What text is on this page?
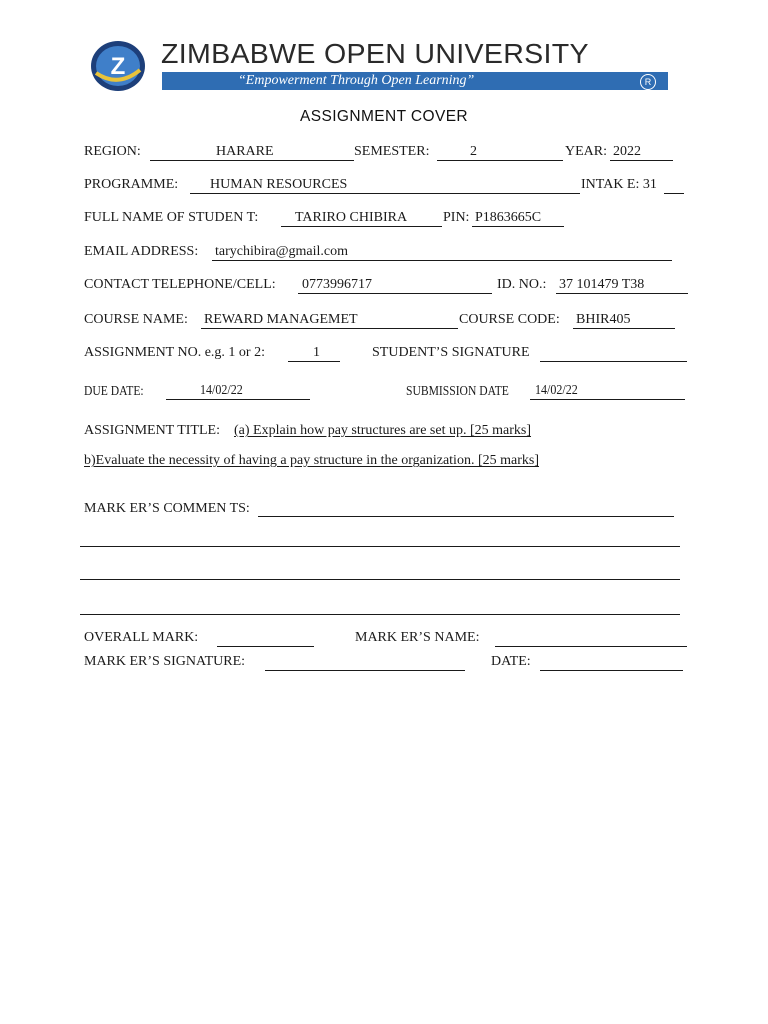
Z ZIMBABWE OPEN UNIVERSITY
“Empowerment Through Open Learning”	R
ASSIGNMENT COVER
REGION:	HARARE	SEMESTER:	2	YEAR: 2022
PROGRAMME: HUMAN RESOURCES	INTAK E: 31
FULL NAME OF STUDEN T:	TARIRO CHIBIRA	PIN: P1863665C
EMAIL ADDRESS: tarychibira@gmail.com
CONTACT TELEPHONE/CELL: 0773996717	ID. NO.: 37 101479 T38
COURSE NAME: REWARD MANAGEMET	COURSE CODE: BHIR405
ASSIGNMENT NO. e.g. 1 or 2:	1	STUDENT’S SIGNATURE
DUE DATE:	14/02/22	SUBMISSION DATE 14/02/22
ASSIGNMENT TITLE: (a) Explain how pay structures are set up. [25 marks]
b)Evaluate the necessity of having a pay structure in the organization. [25 marks]
MARK ER’S COMMEN TS:
OVERALL MARK:	MARK ER’S NAME:
MARK ER’S SIGNATURE:	DATE:
